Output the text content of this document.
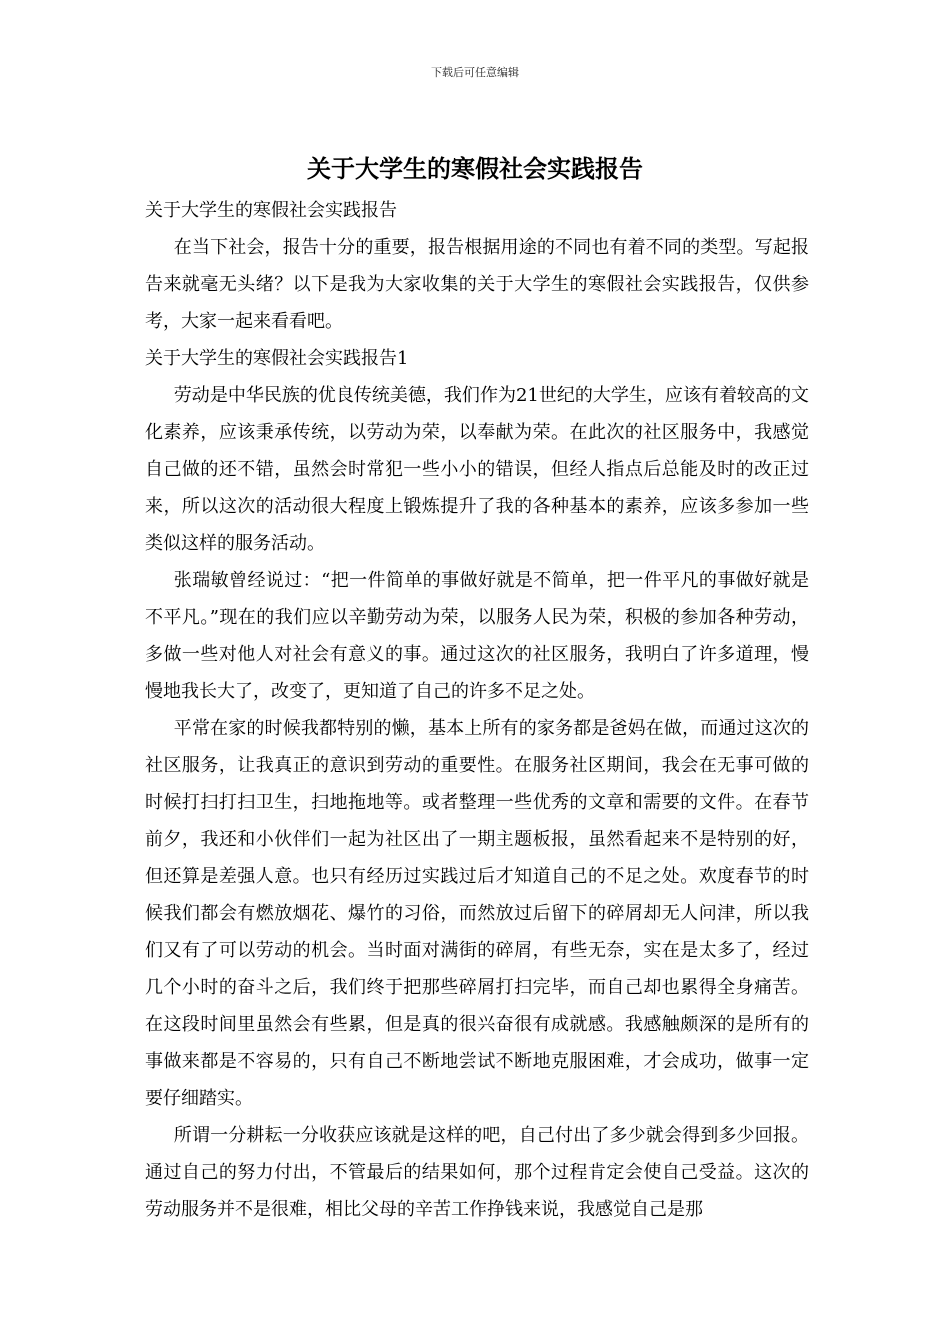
下载后可任意编辑
关于大学生的寒假社会实践报告

关于大学生的寒假社会实践报告

在当下社会，报告十分的重要，报告根据用途的不同也有着不同的类型。写起报告来就毫无头绪？以下是我为大家收集的关于大学生的寒假社会实践报告，仅供参考，大家一起来看看吧。

关于大学生的寒假社会实践报告1

劳动是中华民族的优良传统美德，我们作为21世纪的大学生，应该有着较高的文化素养，应该秉承传统，以劳动为荣，以奉献为荣。在此次的社区服务中，我感觉自己做的还不错，虽然会时常犯一些小小的错误，但经人指点后总能及时的改正过来，所以这次的活动很大程度上锻炼提升了我的各种基本的素养，应该多参加一些类似这样的服务活动。

张瑞敏曾经说过：“把一件简单的事做好就是不简单，把一件平凡的事做好就是不平凡。”现在的我们应以辛勤劳动为荣，以服务人民为荣，积极的参加各种劳动，多做一些对他人对社会有意义的事。通过这次的社区服务，我明白了许多道理，慢慢地我长大了，改变了，更知道了自己的许多不足之处。

平常在家的时候我都特别的懒，基本上所有的家务都是爸妈在做，而通过这次的社区服务，让我真正的意识到劳动的重要性。在服务社区期间，我会在无事可做的时候打扫打扫卫生，扫地拖地等。或者整理一些优秀的文章和需要的文件。在春节前夕，我还和小伙伴们一起为社区出了一期主题板报，虽然看起来不是特别的好，但还算是差强人意。也只有经历过实践过后才知道自己的不足之处。欢度春节的时候我们都会有燃放烟花、爆竹的习俗，而然放过后留下的碎屑却无人问津，所以我们又有了可以劳动的机会。当时面对满街的碎屑，有些无奈，实在是太多了，经过几个小时的奋斗之后，我们终于把那些碎屑打扫完毕，而自己却也累得全身痛苦。在这段时间里虽然会有些累，但是真的很兴奋很有成就感。我感触颇深的是所有的事做来都是不容易的，只有自己不断地尝试不断地克服困难，才会成功，做事一定要仔细踏实。

所谓一分耕耘一分收获应该就是这样的吧，自己付出了多少就会得到多少回报。通过自己的努力付出，不管最后的结果如何，那个过程肯定会使自己受益。这次的劳动服务并不是很难，相比父母的辛苦工作挣钱来说，我感觉自己是那
